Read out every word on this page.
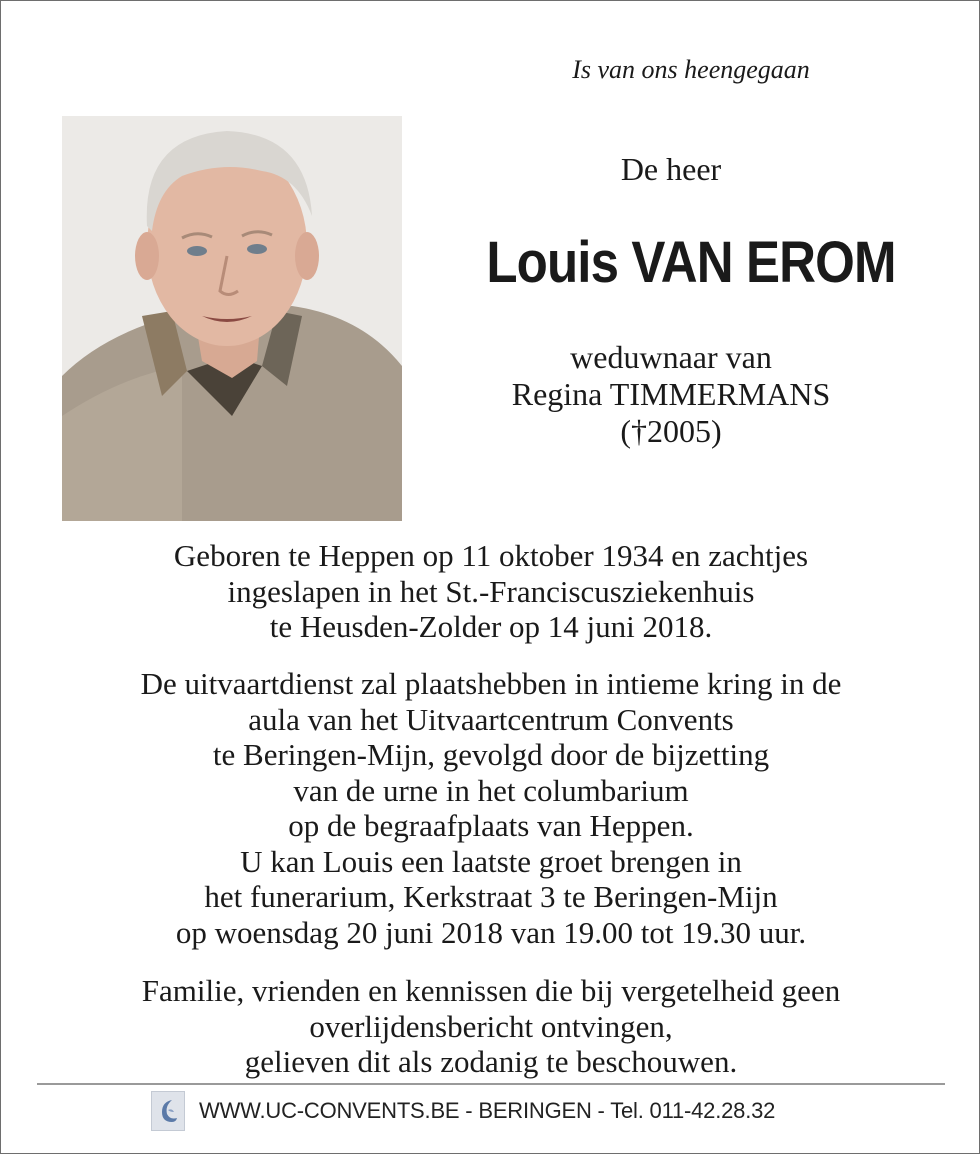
Is van ons heengegaan
De heer
Louis VAN EROM
weduwnaar van
Regina TIMMERMANS
(†2005)
Geboren te Heppen op 11 oktober 1934 en zachtjes
ingeslapen in het St.-Franciscusziekenhuis
te Heusden-Zolder op 14 juni 2018.
De uitvaartdienst zal plaatshebben in intieme kring in de
aula van het Uitvaartcentrum Convents
te Beringen-Mijn, gevolgd door de bijzetting
van de urne in het columbarium
op de begraafplaats van Heppen.
U kan Louis een laatste groet brengen in
het funerarium, Kerkstraat 3 te Beringen-Mijn
op woensdag 20 juni 2018 van 19.00 tot 19.30 uur.
Familie, vrienden en kennissen die bij vergetelheid geen
overlijdensbericht ontvingen,
gelieven dit als zodanig te beschouwen.
WWW.UC-CONVENTS.BE - BERINGEN - Tel. 011-42.28.32
